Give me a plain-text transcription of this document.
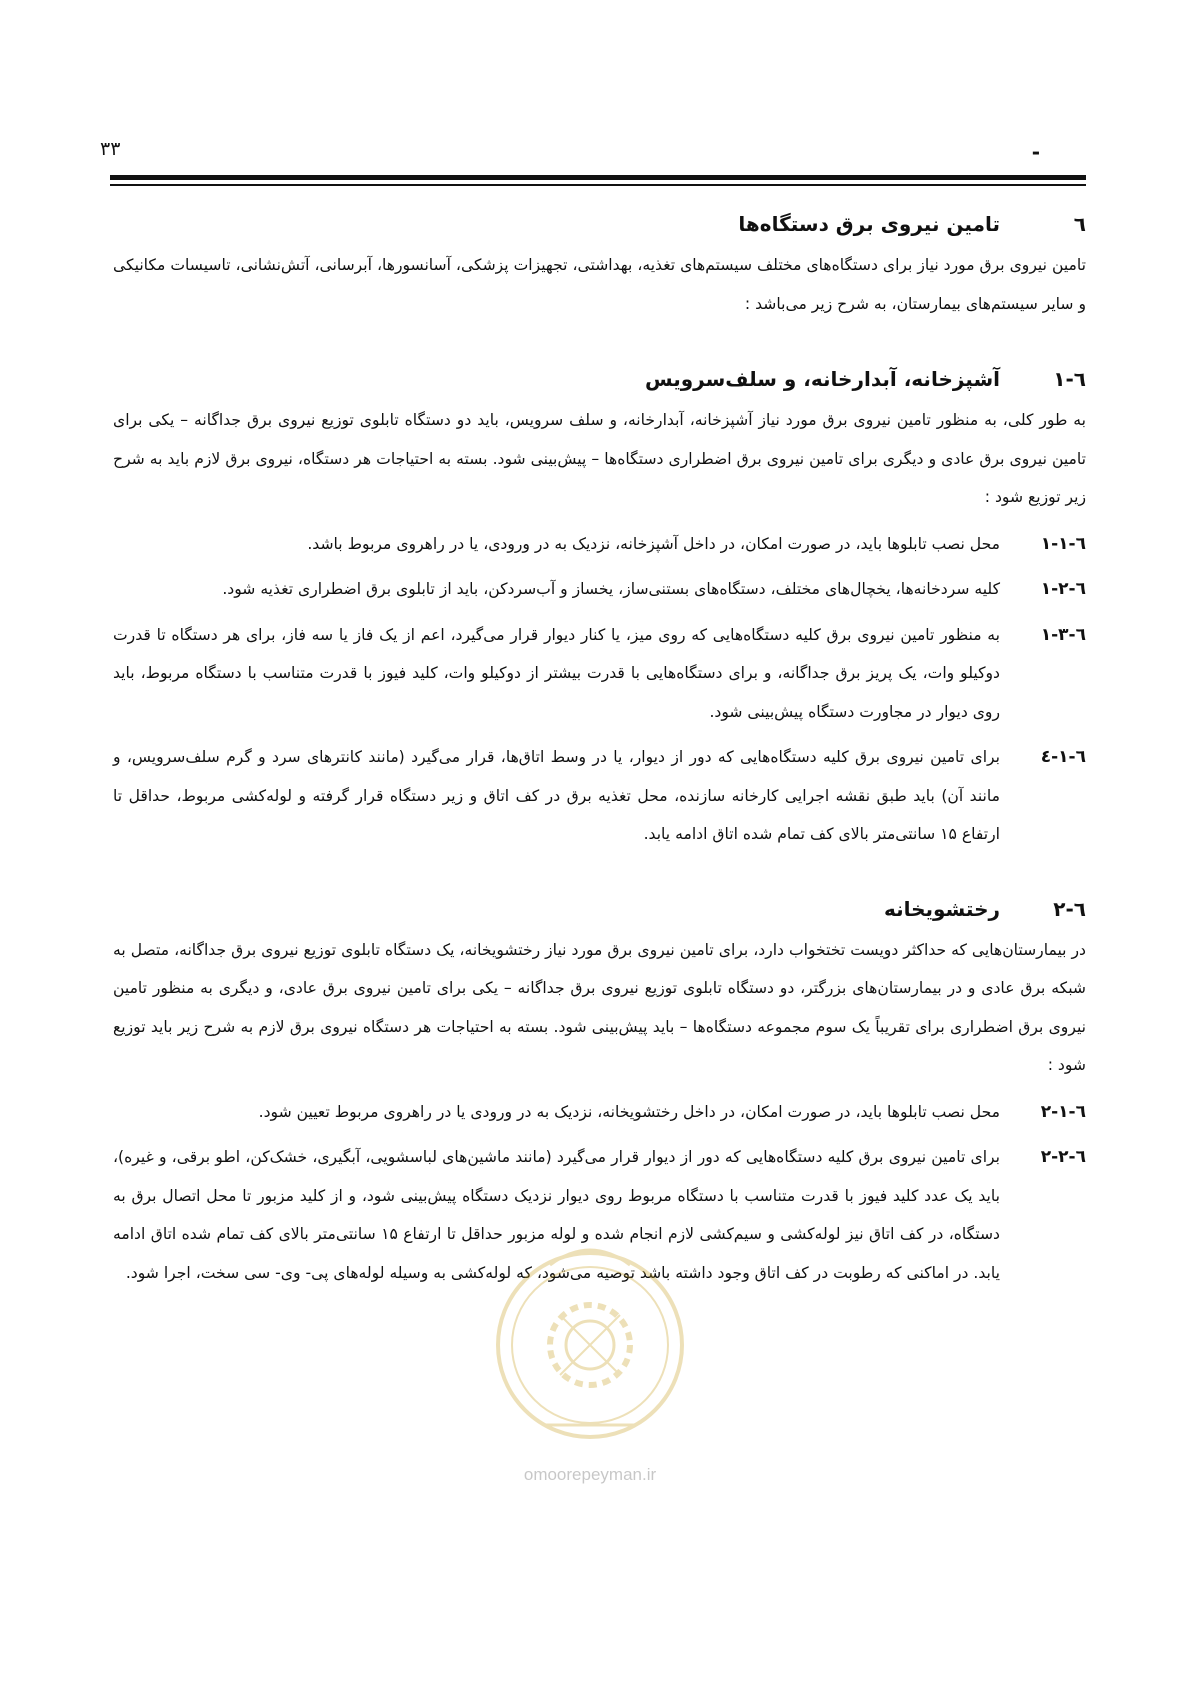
۳۳	-
٦
تامین نیروی برق دستگاه‌ها

تامین نیروی برق مورد نیاز برای دستگاه‌های مختلف سیستم‌های تغذیه، بهداشتی، تجهیزات پزشکی، آسانسورها، آبرسانی، آتش‌نشانی، تاسیسات مکانیکی و سایر سیستم‌های بیمارستان، به شرح زیر می‌باشد :

٦-۱
آشپزخانه، آبدارخانه، و سلف‌سرویس

به طور کلی، به منظور تامین نیروی برق مورد نیاز آشپزخانه، آبدارخانه، و سلف سرویس، باید دو دستگاه تابلوی توزیع نیروی برق جداگانه – یکی برای تامین نیروی برق عادی و دیگری برای تامین نیروی برق اضطراری دستگاه‌ها – پیش‌بینی شود. بسته به احتیاجات هر دستگاه، نیروی برق لازم باید به شرح زیر توزیع شود :

٦-۱-۱
محل نصب تابلوها باید، در صورت امکان، در داخل آشپزخانه، نزدیک به در ورودی، یا در راهروی مربوط باشد.
٦-۱-۲
کلیه سردخانه‌ها، یخچال‌های مختلف، دستگاه‌های بستنی‌ساز، یخساز و آب‌سردکن، باید از تابلوی برق اضطراری تغذیه شود.
٦-۱-۳
به منظور تامین نیروی برق کلیه دستگاه‌هایی که روی میز، یا کنار دیوار قرار می‌گیرد، اعم از یک فاز یا سه فاز، برای هر دستگاه تا قدرت دوکیلو وات، یک پریز برق جداگانه، و برای دستگاه‌هایی با قدرت بیشتر از دوکیلو وات، کلید فیوز با قدرت متناسب با دستگاه مربوط، باید روی دیوار در مجاورت دستگاه پیش‌بینی شود.
٦-۱-٤
برای تامین نیروی برق کلیه دستگاه‌هایی که دور از دیوار، یا در وسط اتاق‌ها، قرار می‌گیرد (مانند کانترهای سرد و گرم سلف‌سرویس، و مانند آن) باید طبق نقشه اجرایی کارخانه سازنده، محل تغذیه برق در کف اتاق و زیر دستگاه قرار گرفته و لوله‌کشی مربوط، حداقل تا ارتفاع ۱۵ سانتی‌متر بالای کف تمام شده اتاق ادامه یابد.
٦-۲
رختشویخانه

در بیمارستان‌هایی که حداکثر دویست تختخواب دارد، برای تامین نیروی برق مورد نیاز رختشویخانه، یک دستگاه تابلوی توزیع نیروی برق جداگانه، متصل به شبکه برق عادی و در بیمارستان‌های بزرگتر، دو دستگاه تابلوی توزیع نیروی برق جداگانه – یکی برای تامین نیروی برق عادی، و دیگری به منظور تامین نیروی برق اضطراری برای تقریباً یک سوم مجموعه دستگاه‌ها – باید پیش‌بینی شود. بسته به احتیاجات هر دستگاه نیروی برق لازم به شرح زیر باید توزیع شود :

٦-۲-۱
محل نصب تابلوها باید، در صورت امکان، در داخل رختشویخانه، نزدیک به در ورودی یا در راهروی مربوط تعیین شود.
٦-۲-۲
برای تامین نیروی برق کلیه دستگاه‌هایی که دور از دیوار قرار می‌گیرد (مانند ماشین‌های لباسشویی، آبگیری، خشک‌کن، اطو برقی، و غیره)، باید یک عدد کلید فیوز با قدرت متناسب با دستگاه مربوط روی دیوار نزدیک دستگاه پیش‌بینی شود، و از کلید مزبور تا محل اتصال برق به دستگاه، در کف اتاق نیز لوله‌کشی و سیم‌کشی لازم انجام شده و لوله مزبور حداقل تا ارتفاع ۱۵ سانتی‌متر بالای کف تمام شده اتاق ادامه یابد. در اماکنی که رطوبت در کف اتاق وجود داشته باشد توصیه می‌شود، که لوله‌کشی به وسیله لوله‌های پی- وی- سی سخت، اجرا شود.
omoorepeyman.ir
